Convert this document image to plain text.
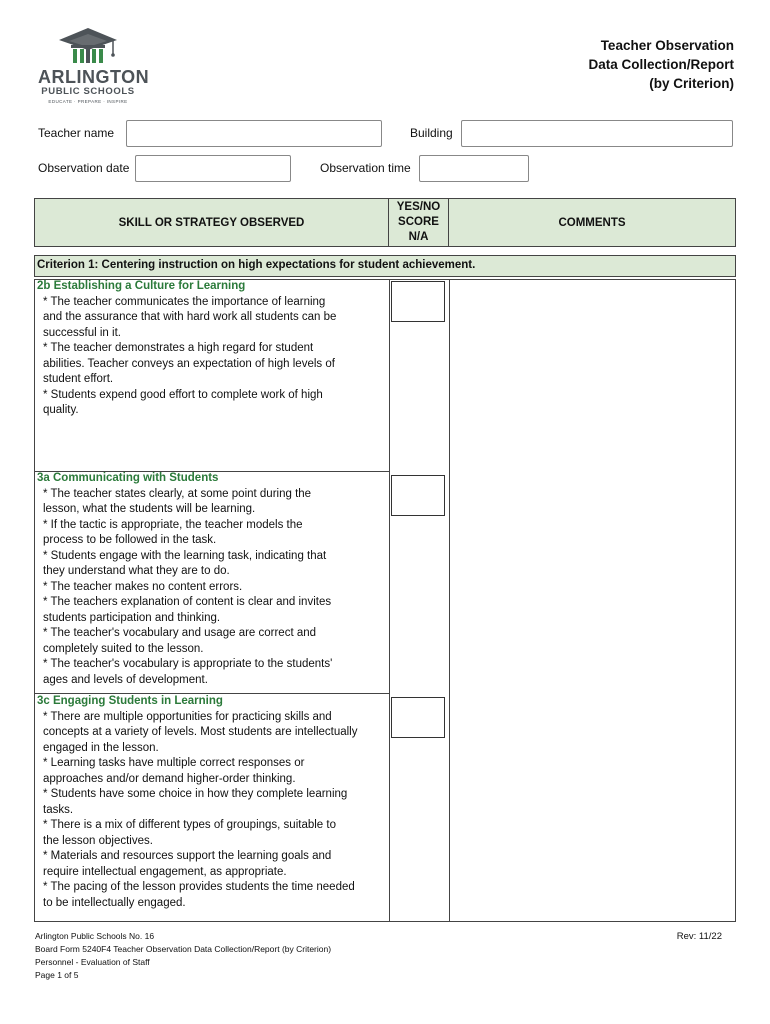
ARLINGTON
PUBLIC SCHOOLS
EDUCATE · PREPARE · INSPIRE
Teacher Observation
Data Collection/Report
(by Criterion)
Teacher name	Building
Observation date	Observation time
SKILL OR STRATEGY OBSERVED
YES/NO
SCORE
N/A
COMMENTS
Criterion 1: Centering instruction on high expectations for student achievement.
2b Establishing a Culture for Learning
* The teacher communicates the importance of learning
and the assurance that with hard work all students can be
successful in it.
* The teacher demonstrates a high regard for student
abilities. Teacher conveys an expectation of high levels of
student effort.
* Students expend good effort to complete work of high
quality.
3a Communicating with Students
* The teacher states clearly, at some point during the
lesson, what the students will be learning.
* If the tactic is appropriate, the teacher models the
process to be followed in the task.
* Students engage with the learning task, indicating that
they understand what they are to do.
* The teacher makes no content errors.
* The teachers explanation of content is clear and invites
students participation and thinking.
* The teacher's vocabulary and usage are correct and
completely suited to the lesson.
* The teacher's vocabulary is appropriate to the students'
ages and levels of development.
3c Engaging Students in Learning
* There are multiple opportunities for practicing skills and
concepts at a variety of levels. Most students are intellectually
engaged in the lesson.
* Learning tasks have multiple correct responses or
approaches and/or demand higher-order thinking.
* Students have some choice in how they complete learning
tasks.
* There is a mix of different types of groupings, suitable to
the lesson objectives.
* Materials and resources support the learning goals and
require intellectual engagement, as appropriate.
* The pacing of the lesson provides students the time needed
to be intellectually engaged.
Arlington Public Schools No. 16
Board Form 5240F4 Teacher Observation Data Collection/Report (by Criterion)
Personnel - Evaluation of Staff
Page 1 of 5
Rev: 11/22
